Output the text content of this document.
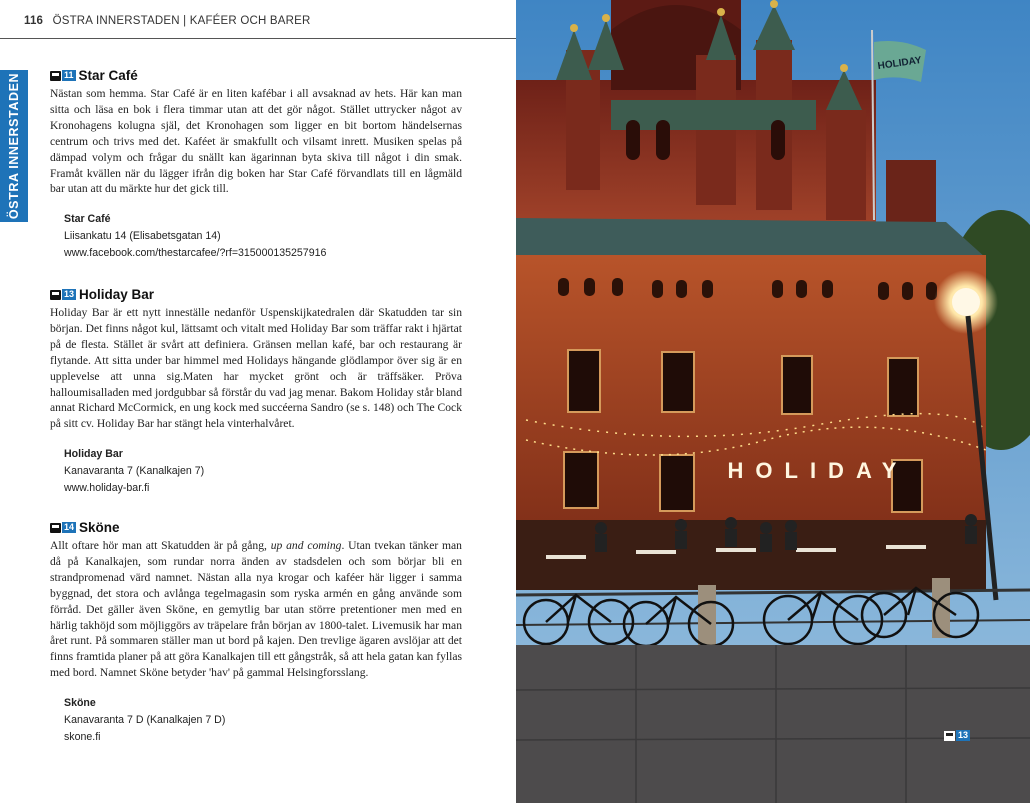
116 ÖSTRA INNERSTADEN | KAFÉER OCH BARER
ÖSTRA INNERSTADEN	11 Star Café

Nästan som hemma. Star Café är en liten kafébar i all avsaknad av hets. Här kan man sitta och läsa en bok i flera timmar utan att det gör något. Stället uttrycker något av Kronohagens kolugna själ, det Kronohagen som ligger en bit bortom händelsernas centrum och trivs med det. Kaféet är smakfullt och vilsamt inrett. Musiken spelas på dämpad volym och frågar du snällt kan ägarinnan byta skiva till något i din smak. Framåt kvällen när du lägger ifrån dig boken har Star Café förvandlats till en lågmäld bar utan att du märkte hur det gick till.

Star Café
Liisankatu 14 (Elisabetsgatan 14)
www.facebook.com/thestarcafee/?rf=315000135257916
13 Holiday Bar

Holiday Bar är ett nytt inneställe nedanför Uspenskijkatedralen där Skatudden tar sin början. Det finns något kul, lättsamt och vitalt med Holiday Bar som träffar rakt i hjärtat på de flesta. Stället är svårt att definiera. Gränsen mellan kafé, bar och restaurang är flytande. Att sitta under bar himmel med Holidays hängande glödlampor över sig är en upplevelse att unna sig.Maten har mycket grönt och är träffsäker. Pröva halloumisalladen med jordgubbar så förstår du vad jag menar. Bakom Holiday står bland annat Richard McCormick, en ung kock med succéerna Sandro (se s. 148) och The Cock på sitt cv. Holiday Bar har stängt hela vinterhalvåret.

Holiday Bar
Kanavaranta 7 (Kanalkajen 7)
www.holiday-bar.fi
14 Sköne

Allt oftare hör man att Skatudden är på gång, up and coming. Utan tvekan tänker man då på Kanalkajen, som rundar norra änden av stadsdelen och som börjar bli en strandpromenad värd namnet. Nästan alla nya krogar och kaféer här ligger i samma byggnad, det stora och avlånga tegelmagasin som ryska armén en gång använde som förråd. Det gäller även Sköne, en gemytlig bar utan större pretentioner men med en härlig takhöjd som möjliggörs av träpelare från början av 1800-talet. Livemusik har man året runt. På sommaren ställer man ut bord på kajen. Den trevlige ägaren avslöjar att det finns framtida planer på att göra Kanalkajen till ett gångstråk, så att hela gatan kan fyllas med bord. Namnet Sköne betyder 'hav' på gammal Helsingforsslang.

Sköne
Kanavaranta 7 D (Kanalkajen 7 D)
skone.fi
HOLIDAY
HOLIDAY
13
